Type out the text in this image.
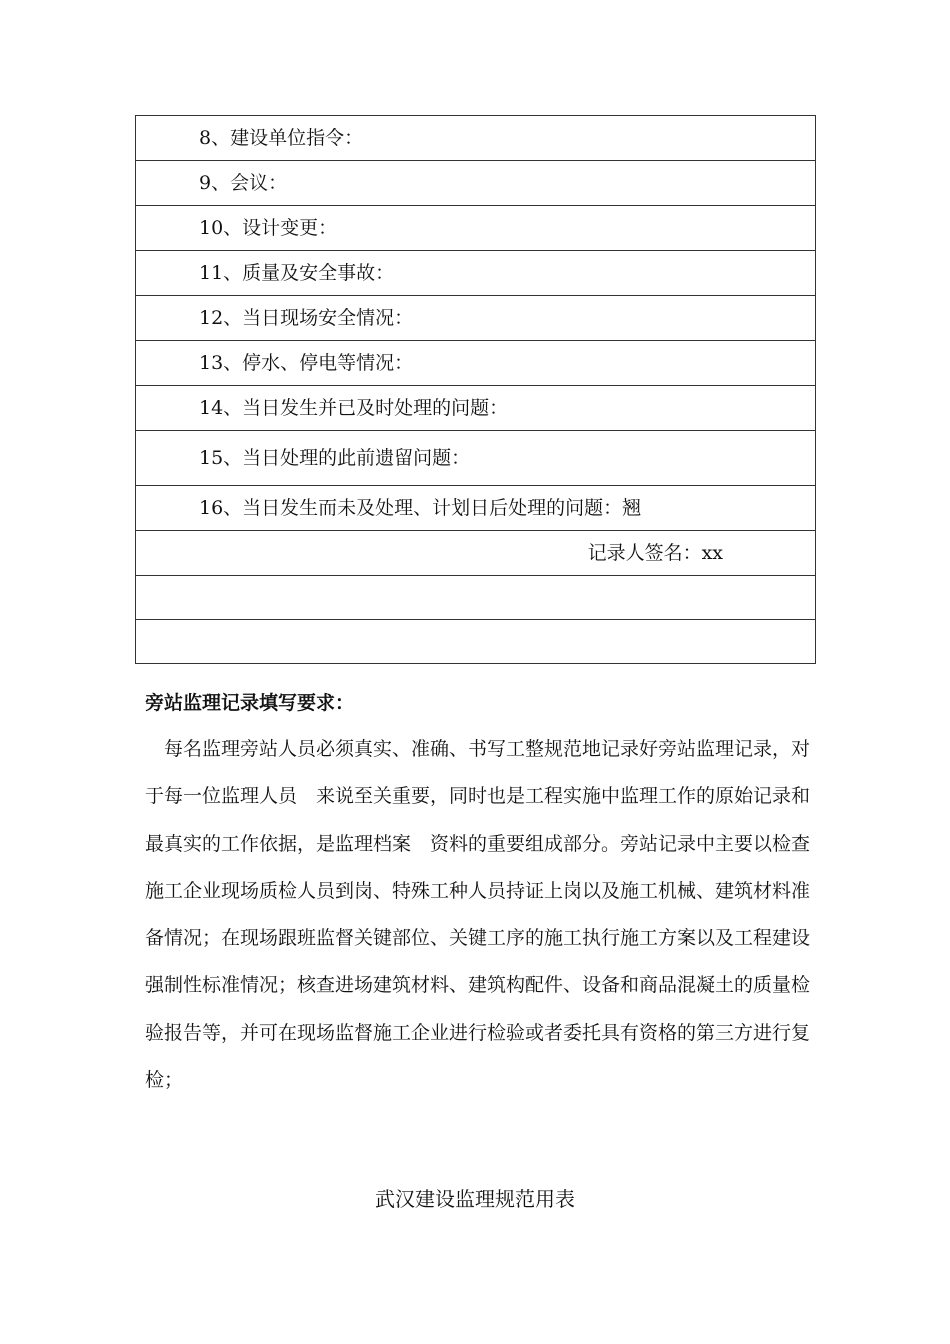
8、建设单位指令：
9、会议：
10、设计变更：
11、质量及安全事故：
12、当日现场安全情况：
13、停水、停电等情况：
14、当日发生并已及时处理的问题：
15、当日处理的此前遗留问题：
16、当日发生而未及处理、计划日后处理的问题：翘
记录人签名：xx

旁站监理记录填写要求：

每名监理旁站人员必须真实、准确、书写工整规范地记录好旁站监理记录，对于每一位监理人员　来说至关重要，同时也是工程实施中监理工作的原始记录和最真实的工作依据，是监理档案　资料的重要组成部分。旁站记录中主要以检查施工企业现场质检人员到岗、特殊工种人员持证上岗以及施工机械、建筑材料准备情况；在现场跟班监督关键部位、关键工序的施工执行施工方案以及工程建设强制性标准情况；核查进场建筑材料、建筑构配件、设备和商品混凝土的质量检验报告等，并可在现场监督施工企业进行检验或者委托具有资格的第三方进行复检；

武汉建设监理规范用表
